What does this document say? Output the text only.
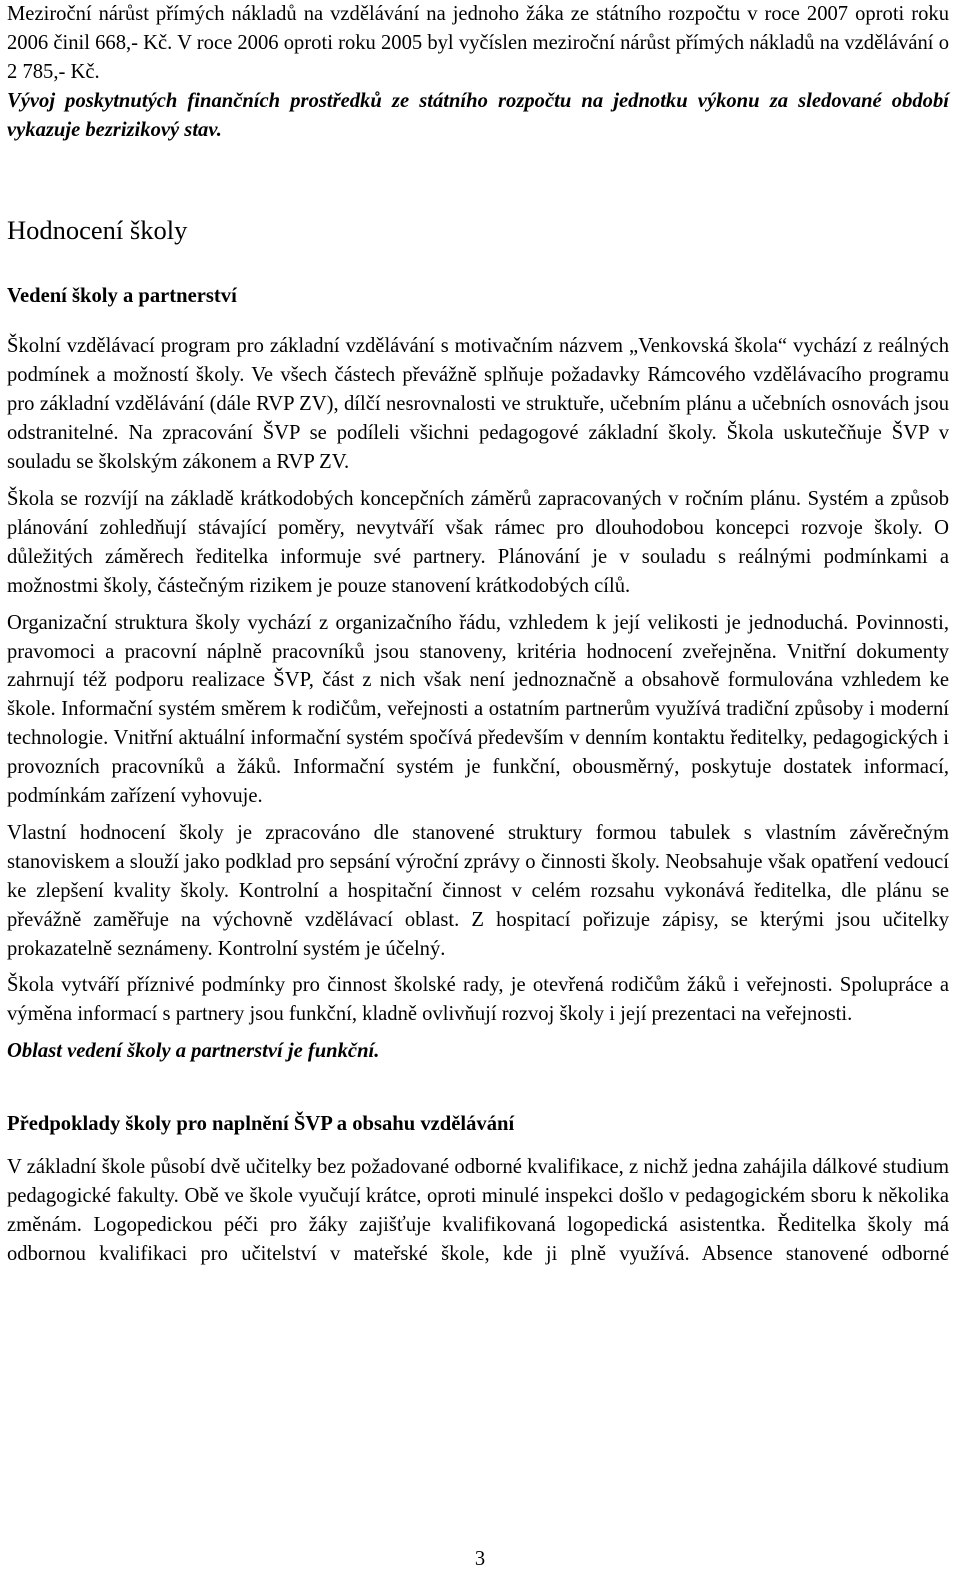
Meziroční nárůst přímých nákladů na vzdělávání na jednoho žáka ze státního rozpočtu v roce 2007 oproti roku 2006 činil 668,- Kč. V roce 2006 oproti roku 2005 byl vyčíslen meziroční nárůst přímých nákladů na vzdělávání o 2 785,- Kč.

Vývoj poskytnutých finančních prostředků ze státního rozpočtu na jednotku výkonu za sledované období vykazuje bezrizikový stav.

Hodnocení školy
Vedení školy a partnerství

Školní vzdělávací program pro základní vzdělávání s motivačním názvem „Venkovská škola“ vychází z reálných podmínek a možností školy. Ve všech částech převážně splňuje požadavky Rámcového vzdělávacího programu pro základní vzdělávání (dále RVP ZV), dílčí nesrovnalosti ve struktuře, učebním plánu a učebních osnovách jsou odstranitelné. Na zpracování ŠVP se podíleli všichni pedagogové základní školy. Škola uskutečňuje ŠVP v souladu se školským zákonem a RVP ZV.

Škola se rozvíjí na základě krátkodobých koncepčních záměrů zapracovaných v ročním plánu. Systém a způsob plánování zohledňují stávající poměry, nevytváří však rámec pro dlouhodobou koncepci rozvoje školy. O důležitých záměrech ředitelka informuje své partnery. Plánování je v souladu s reálnými podmínkami a možnostmi školy, částečným rizikem je pouze stanovení krátkodobých cílů.

Organizační struktura školy vychází z organizačního řádu, vzhledem k její velikosti je jednoduchá. Povinnosti, pravomoci a pracovní náplně pracovníků jsou stanoveny, kritéria hodnocení zveřejněna. Vnitřní dokumenty zahrnují též podporu realizace ŠVP, část z nich však není jednoznačně a obsahově formulována vzhledem ke škole. Informační systém směrem k rodičům, veřejnosti a ostatním partnerům využívá tradiční způsoby i moderní technologie. Vnitřní aktuální informační systém spočívá především v denním kontaktu ředitelky, pedagogických i provozních pracovníků a žáků. Informační systém je funkční, obousměrný, poskytuje dostatek informací, podmínkám zařízení vyhovuje.

Vlastní hodnocení školy je zpracováno dle stanovené struktury formou tabulek s vlastním závěrečným stanoviskem a slouží jako podklad pro sepsání výroční zprávy o činnosti školy. Neobsahuje však opatření vedoucí ke zlepšení kvality školy. Kontrolní a hospitační činnost v celém rozsahu vykonává ředitelka, dle plánu se převážně zaměřuje na výchovně vzdělávací oblast. Z hospitací pořizuje zápisy, se kterými jsou učitelky prokazatelně seznámeny. Kontrolní systém je účelný.

Škola vytváří příznivé podmínky pro činnost školské rady, je otevřená rodičům žáků i veřejnosti. Spolupráce a výměna informací s partnery jsou funkční, kladně ovlivňují rozvoj školy i její prezentaci na veřejnosti.

Oblast vedení školy a partnerství je funkční.

Předpoklady školy pro naplnění ŠVP a obsahu vzdělávání

V základní škole působí dvě učitelky bez požadované odborné kvalifikace, z nichž jedna zahájila dálkové studium pedagogické fakulty. Obě ve škole vyučují krátce, oproti minulé inspekci došlo v pedagogickém sboru k několika změnám. Logopedickou péči pro žáky zajišťuje kvalifikovaná logopedická asistentka. Ředitelka školy má odbornou kvalifikaci pro učitelství v mateřské škole, kde ji plně využívá. Absence stanovené odborné

3
